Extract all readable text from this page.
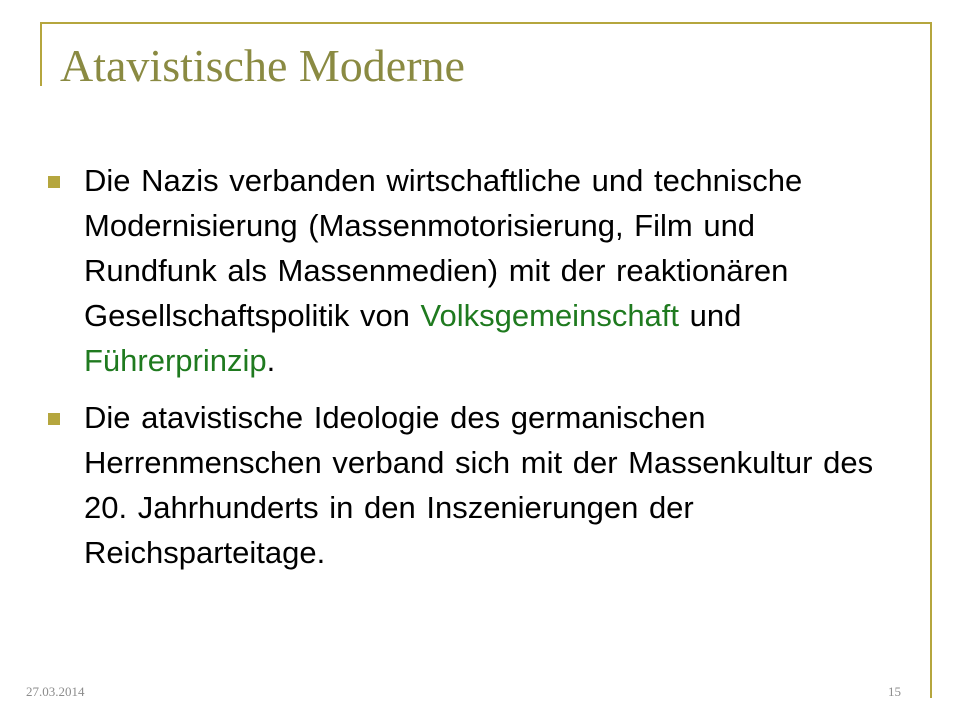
Atavistische Moderne
Die Nazis verbanden wirtschaftliche und technische Modernisierung (Massenmotorisierung, Film und Rundfunk als Massenmedien) mit der reaktionären Gesellschaftspolitik von Volksgemeinschaft und Führerprinzip.
Die atavistische Ideologie des germanischen Herrenmenschen verband sich mit der Massenkultur des 20. Jahrhunderts in den Inszenierungen der Reichsparteitage.
27.03.2014	15
